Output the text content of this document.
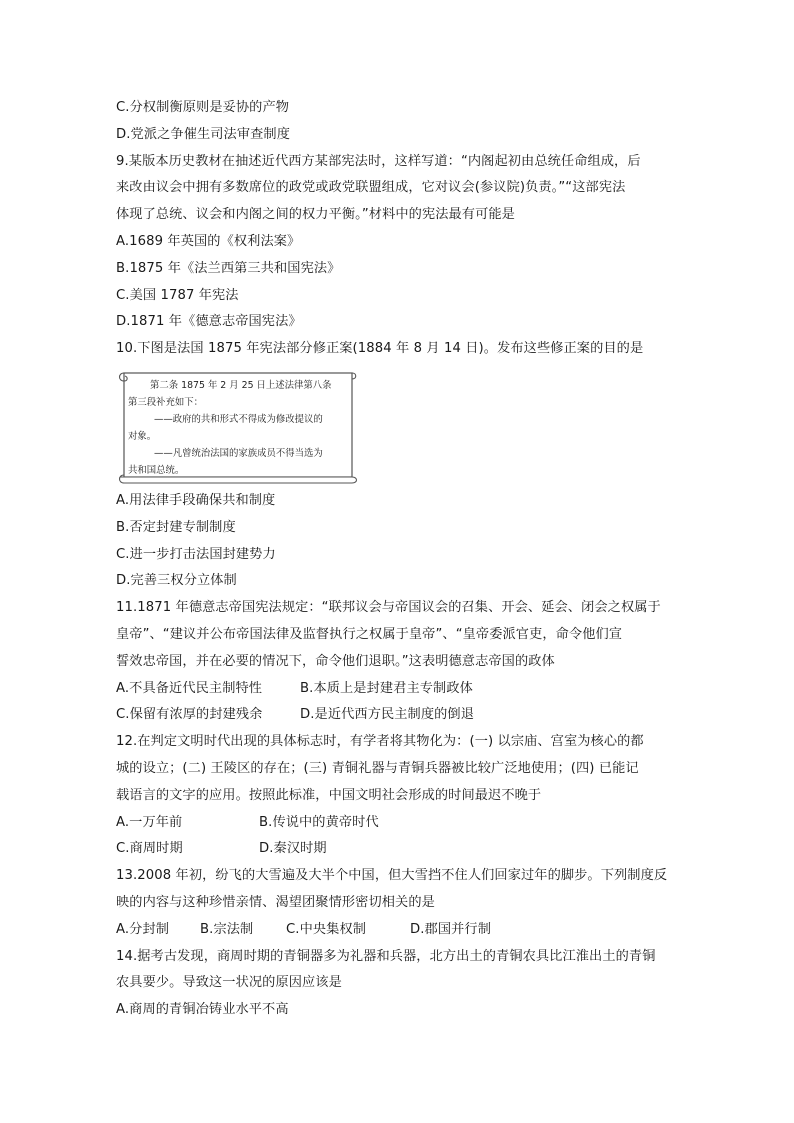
C.分权制衡原则是妥协的产物
D.党派之争催生司法审查制度
9.某版本历史教材在抽述近代西方某部宪法时，这样写道：“内阁起初由总统任命组成，后
来改由议会中拥有多数席位的政党或政党联盟组成，它对议会(参议院)负责。”“这部宪法
体现了总统、议会和内阁之间的权力平衡。”材料中的宪法最有可能是
A.1689 年英国的《权利法案》
B.1875 年《法兰西第三共和国宪法》
C.美国 1787 年宪法
D.1871 年《德意志帝国宪法》
10.下图是法国 1875 年宪法部分修正案(1884 年 8 月 14 日)。发布这些修正案的目的是
第二条 1875 年 2 月 25 日上述法律第八条
第三段补充如下：
——政府的共和形式不得成为修改提议的
对象。
——凡曾统治法国的家族成员不得当选为
共和国总统。
A.用法律手段确保共和制度
B.否定封建专制制度
C.进一步打击法国封建势力
D.完善三权分立体制
11.1871 年德意志帝国宪法规定：“联邦议会与帝国议会的召集、开会、延会、闭会之权属于
皇帝”、“建议并公布帝国法律及监督执行之权属于皇帝”、“皇帝委派官吏，命令他们宣
誓效忠帝国，并在必要的情况下，命令他们退职。”这表明德意志帝国的政体
A.不具备近代民主制特性	B.本质上是封建君主专制政体
C.保留有浓厚的封建残余	D.是近代西方民主制度的倒退
12.在判定文明时代出现的具体标志时，有学者将其物化为：(一) 以宗庙、宫室为核心的都
城的设立；(二) 王陵区的存在；(三) 青铜礼器与青铜兵器被比较广泛地使用；(四) 已能记
载语言的文字的应用。按照此标准，中国文明社会形成的时间最迟不晚于
A.一万年前	B.传说中的黄帝时代
C.商周时期	D.秦汉时期
13.2008 年初，纷飞的大雪遍及大半个中国，但大雪挡不住人们回家过年的脚步。下列制度反
映的内容与这种珍惜亲情、渴望团聚情形密切相关的是
A.分封制	B.宗法制	C.中央集权制	D.郡国并行制
14.据考古发现，商周时期的青铜器多为礼器和兵器，北方出土的青铜农具比江淮出土的青铜
农具要少。导致这一状况的原因应该是
A.商周的青铜冶铸业水平不高
